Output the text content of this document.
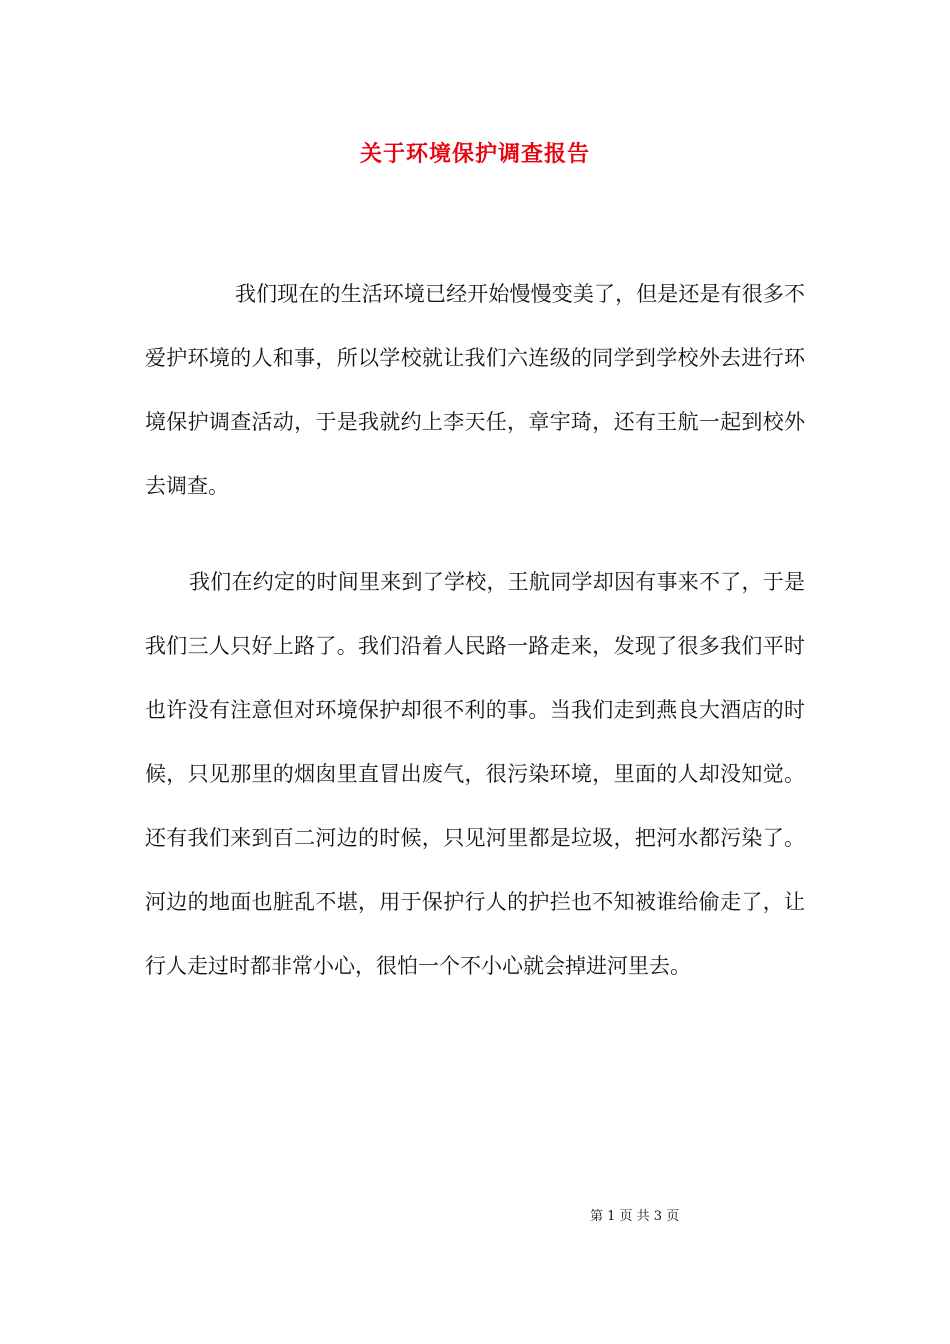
关于环境保护调查报告

我们现在的生活环境已经开始慢慢变美了，但是还是有很多不爱护环境的人和事，所以学校就让我们六连级的同学到学校外去进行环境保护调查活动，于是我就约上李天任，章宇琦，还有王航一起到校外去调查。

我们在约定的时间里来到了学校，王航同学却因有事来不了，于是我们三人只好上路了。我们沿着人民路一路走来，发现了很多我们平时也许没有注意但对环境保护却很不利的事。当我们走到燕良大酒店的时候，只见那里的烟囱里直冒出废气，很污染环境，里面的人却没知觉。还有我们来到百二河边的时候，只见河里都是垃圾，把河水都污染了。河边的地面也脏乱不堪，用于保护行人的护拦也不知被谁给偷走了，让行人走过时都非常小心，很怕一个不小心就会掉进河里去。

第 1 页 共 3 页
